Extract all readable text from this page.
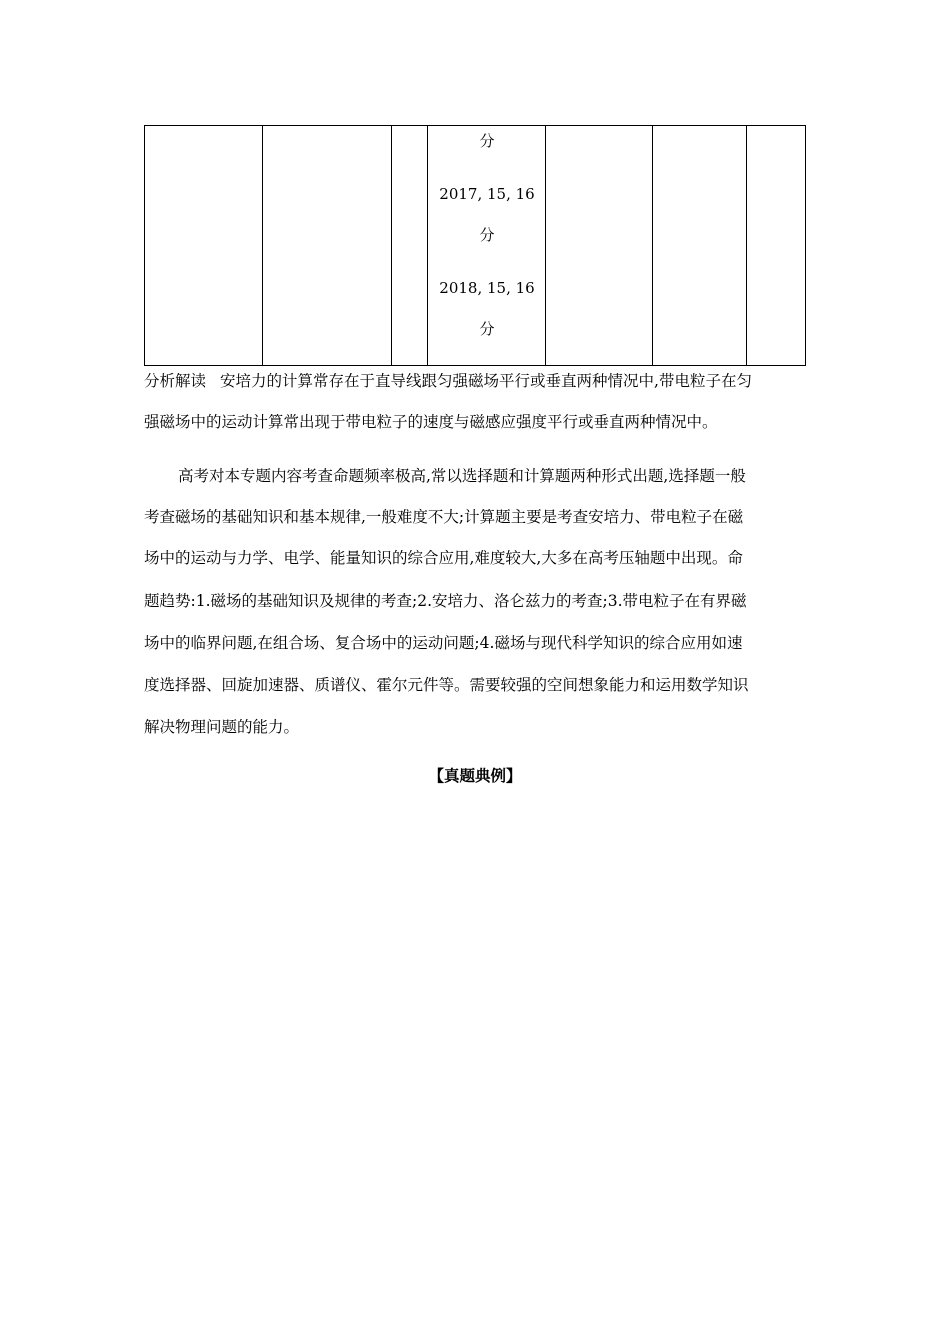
分
2017, 15, 16
分
2018, 15, 16
分
分析解读 安培力的计算常存在于直导线跟匀强磁场平行或垂直两种情况中,带电粒子在匀
强磁场中的运动计算常出现于带电粒子的速度与磁感应强度平行或垂直两种情况中。
高考对本专题内容考查命题频率极高,常以选择题和计算题两种形式出题,选择题一般
考查磁场的基础知识和基本规律,一般难度不大;计算题主要是考查安培力、带电粒子在磁
场中的运动与力学、电学、能量知识的综合应用,难度较大,大多在高考压轴题中出现。命
题趋势:1.磁场的基础知识及规律的考查;2.安培力、洛仑兹力的考查;3.带电粒子在有界磁
场中的临界问题,在组合场、复合场中的运动问题;4.磁场与现代科学知识的综合应用如速
度选择器、回旋加速器、质谱仪、霍尔元件等。需要较强的空间想象能力和运用数学知识
解决物理问题的能力。
【真题典例】
